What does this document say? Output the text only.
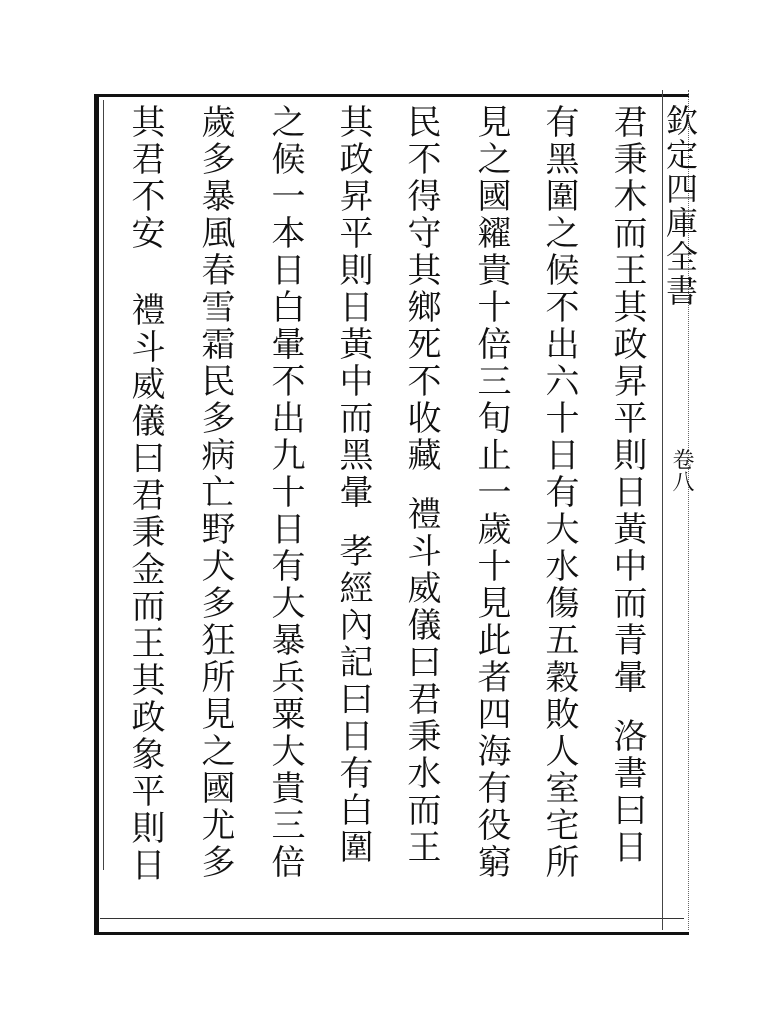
欽定四庫全書
卷八
君秉木而王其政昇平則日黃中而青暈洛書曰日
有黑圍之候不出六十日有大水傷五穀敗人室宅所
見之國糴貴十倍三旬止一歲十見此者四海有役窮
民不得守其鄉死不收藏禮斗威儀曰君秉水而王
其政昇平則日黃中而黑暈孝經內記曰日有白圍
之候一本日白暈不出九十日有大暴兵粟大貴三倍
歲多暴風春雪霜民多病亡野犬多狂所見之國尤多
其君不安禮斗威儀曰君秉金而王其政象平則日
